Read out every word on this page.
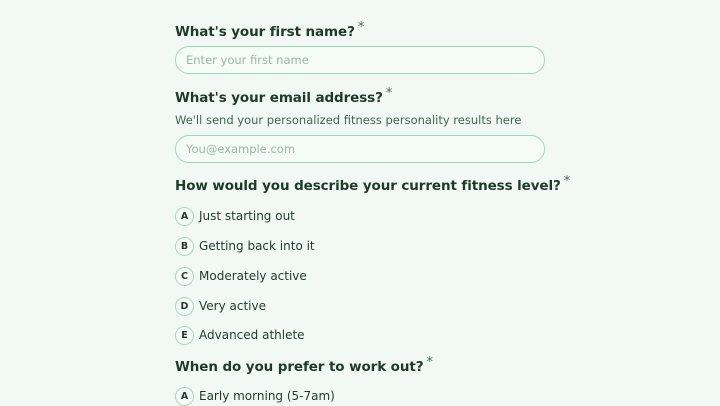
What's your first name? *
Enter your first name
What's your email address? *
We'll send your personalized fitness personality results here
You@example.com
How would you describe your current fitness level? *
A Just starting out
B Getting back into it
C Moderately active
D Very active
E Advanced athlete
When do you prefer to work out? *
A Early morning (5-7am)
